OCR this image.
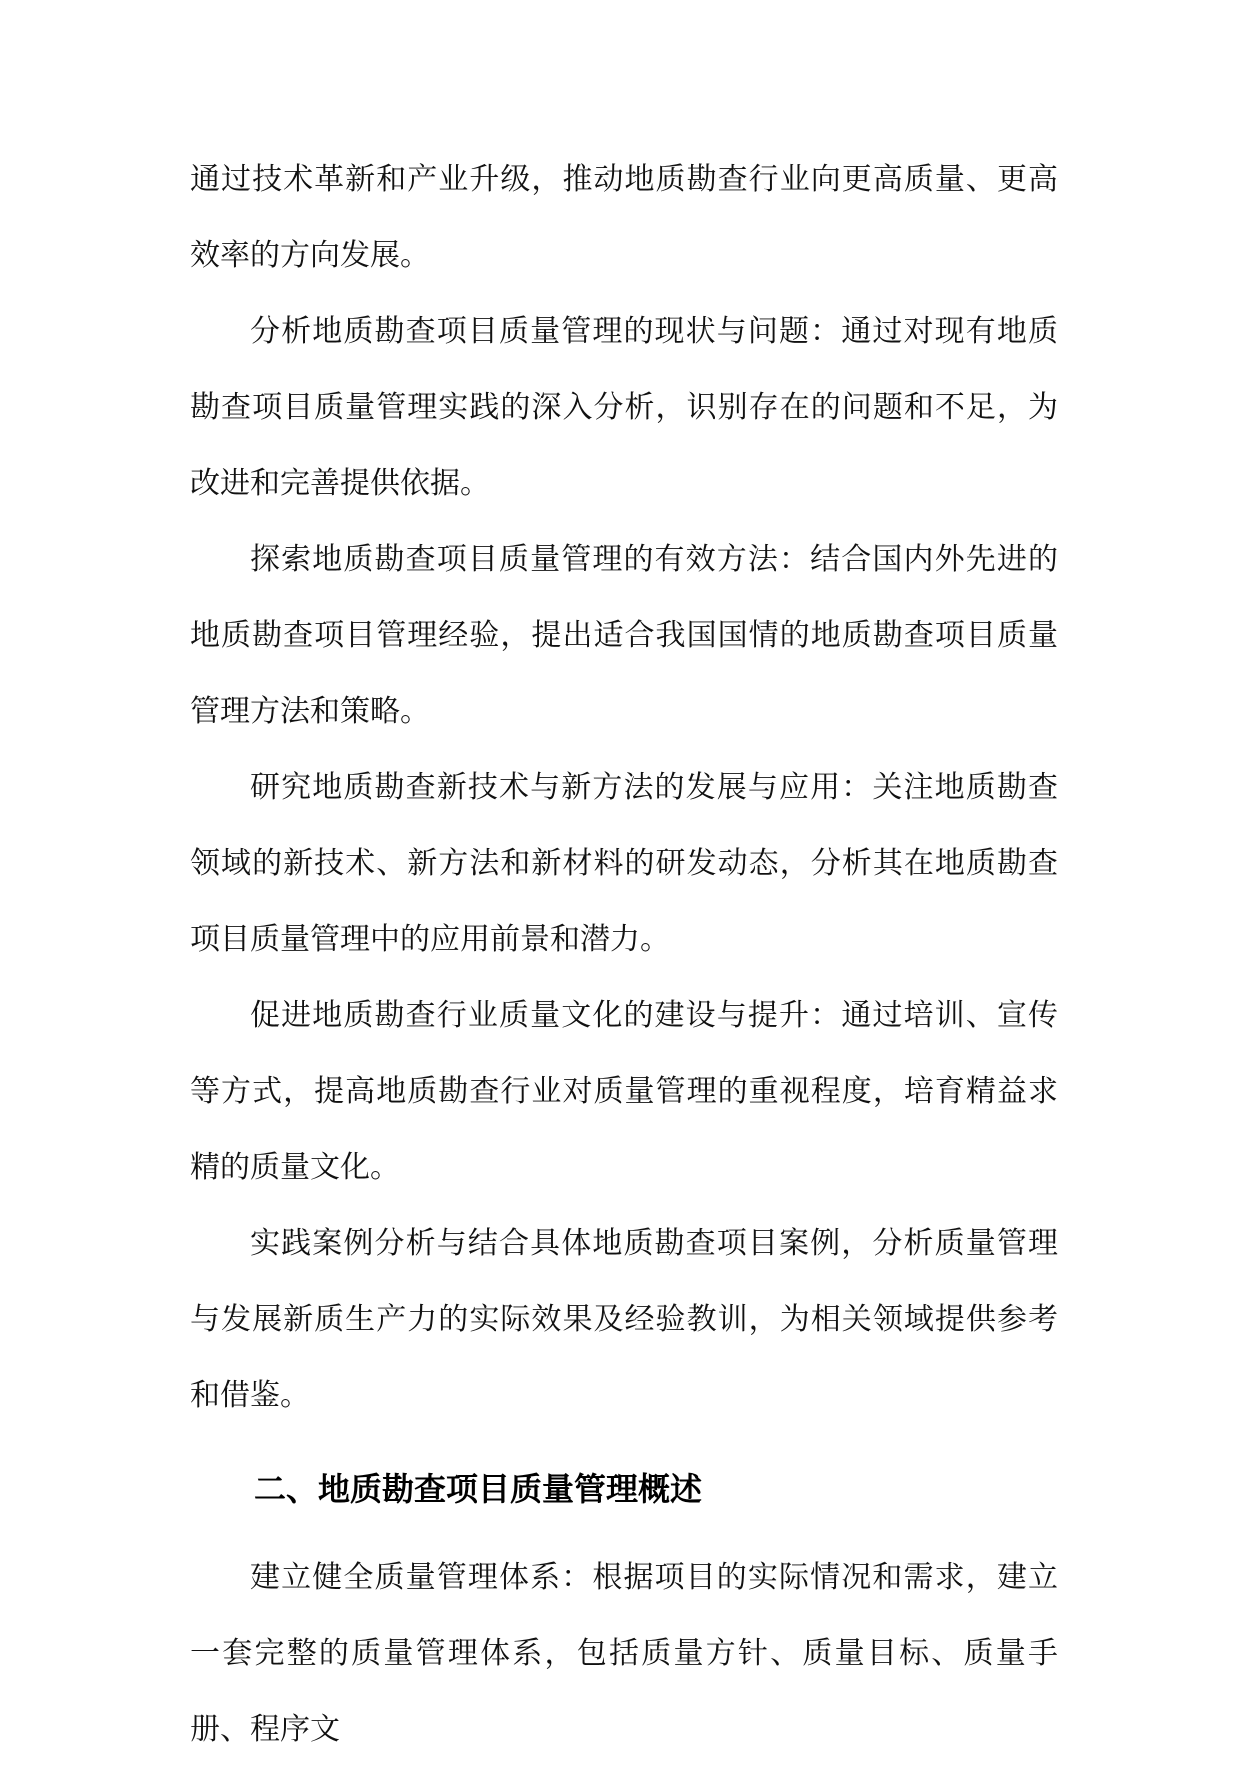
通过技术革新和产业升级，推动地质勘查行业向更高质量、更高效率的方向发展。

分析地质勘查项目质量管理的现状与问题：通过对现有地质勘查项目质量管理实践的深入分析，识别存在的问题和不足，为改进和完善提供依据。

探索地质勘查项目质量管理的有效方法：结合国内外先进的地质勘查项目管理经验，提出适合我国国情的地质勘查项目质量管理方法和策略。

研究地质勘查新技术与新方法的发展与应用：关注地质勘查领域的新技术、新方法和新材料的研发动态，分析其在地质勘查项目质量管理中的应用前景和潜力。

促进地质勘查行业质量文化的建设与提升：通过培训、宣传等方式，提高地质勘查行业对质量管理的重视程度，培育精益求精的质量文化。

实践案例分析与结合具体地质勘查项目案例，分析质量管理与发展新质生产力的实际效果及经验教训，为相关领域提供参考和借鉴。

二、地质勘查项目质量管理概述

建立健全质量管理体系：根据项目的实际情况和需求，建立一套完整的质量管理体系，包括质量方针、质量目标、质量手册、程序文
